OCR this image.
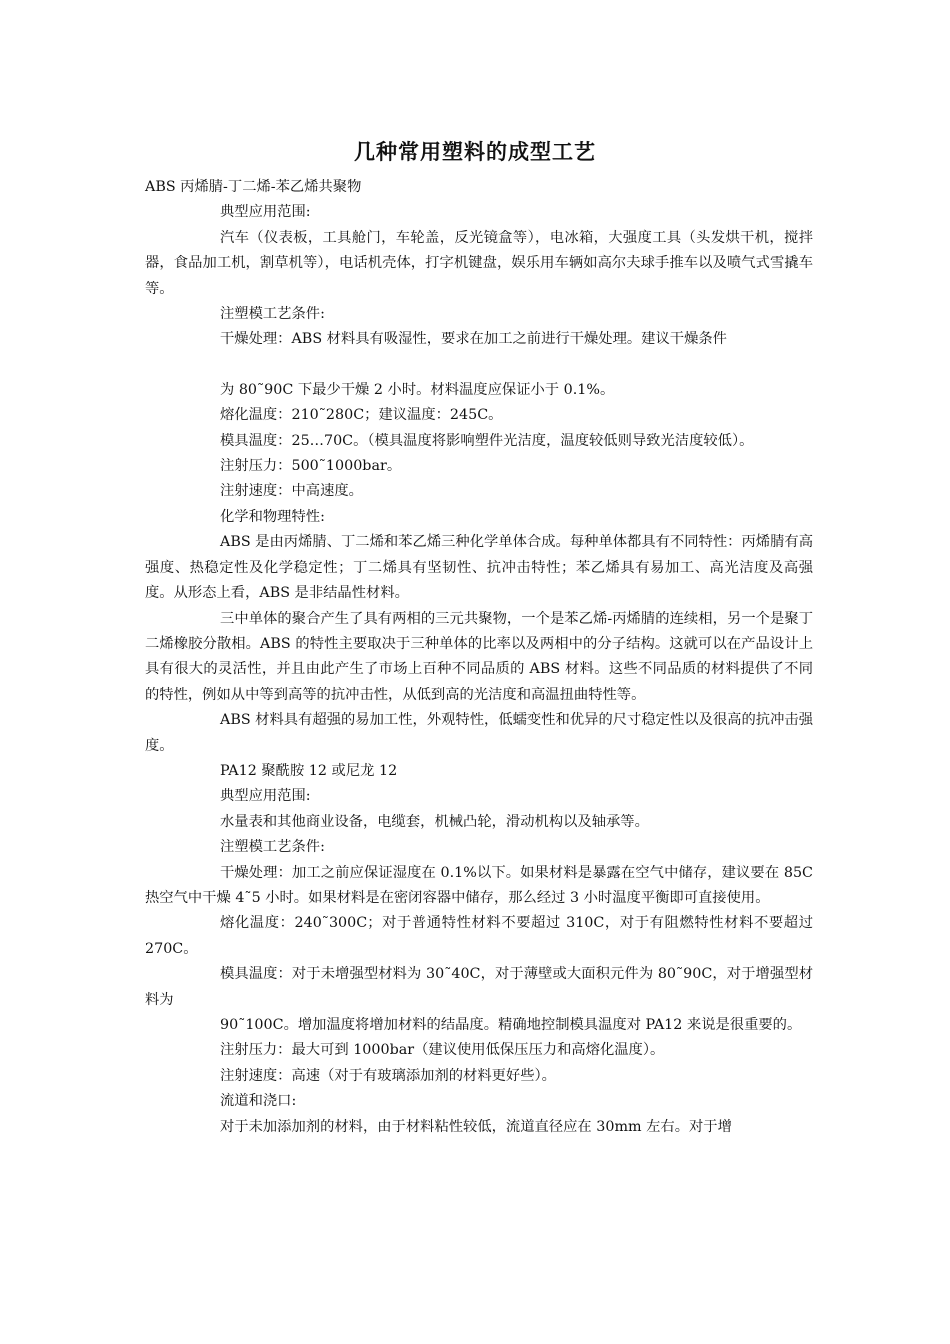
几种常用塑料的成型工艺

ABS 丙烯腈-丁二烯-苯乙烯共聚物

典型应用范围:

汽车（仪表板，工具舱门，车轮盖，反光镜盒等），电冰箱，大强度工具（头发烘干机，搅拌器，食品加工机，割草机等），电话机壳体，打字机键盘，娱乐用车辆如高尔夫球手推车以及喷气式雪撬车等。

注塑模工艺条件:

干燥处理：ABS 材料具有吸湿性，要求在加工之前进行干燥处理。建议干燥条件

为 80˜90C 下最少干燥 2 小时。材料温度应保证小于 0.1%。

熔化温度：210˜280C；建议温度：245C。

模具温度：25…70C。（模具温度将影响塑件光洁度，温度较低则导致光洁度较低）。

注射压力：500˜1000bar。

注射速度：中高速度。

化学和物理特性:

ABS 是由丙烯腈、丁二烯和苯乙烯三种化学单体合成。每种单体都具有不同特性：丙烯腈有高强度、热稳定性及化学稳定性；丁二烯具有坚韧性、抗冲击特性；苯乙烯具有易加工、高光洁度及高强度。从形态上看，ABS 是非结晶性材料。

三中单体的聚合产生了具有两相的三元共聚物，一个是苯乙烯-丙烯腈的连续相，另一个是聚丁二烯橡胶分散相。ABS 的特性主要取决于三种单体的比率以及两相中的分子结构。这就可以在产品设计上具有很大的灵活性，并且由此产生了市场上百种不同品质的 ABS 材料。这些不同品质的材料提供了不同的特性，例如从中等到高等的抗冲击性，从低到高的光洁度和高温扭曲特性等。

ABS 材料具有超强的易加工性，外观特性，低蠕变性和优异的尺寸稳定性以及很高的抗冲击强度。

PA12 聚酰胺 12 或尼龙 12

典型应用范围:

水量表和其他商业设备，电缆套，机械凸轮，滑动机构以及轴承等。

注塑模工艺条件:

干燥处理：加工之前应保证湿度在 0.1%以下。如果材料是暴露在空气中储存，建议要在 85C 热空气中干燥 4˜5 小时。如果材料是在密闭容器中储存，那么经过 3 小时温度平衡即可直接使用。

熔化温度：240˜300C；对于普通特性材料不要超过 310C，对于有阻燃特性材料不要超过 270C。

模具温度：对于未增强型材料为 30˜40C，对于薄壁或大面积元件为 80˜90C，对于增强型材料为

90˜100C。增加温度将增加材料的结晶度。精确地控制模具温度对 PA12 来说是很重要的。

注射压力：最大可到 1000bar（建议使用低保压压力和高熔化温度）。

注射速度：高速（对于有玻璃添加剂的材料更好些）。

流道和浇口:

对于未加添加剂的材料，由于材料粘性较低，流道直径应在 30mm 左右。对于增
